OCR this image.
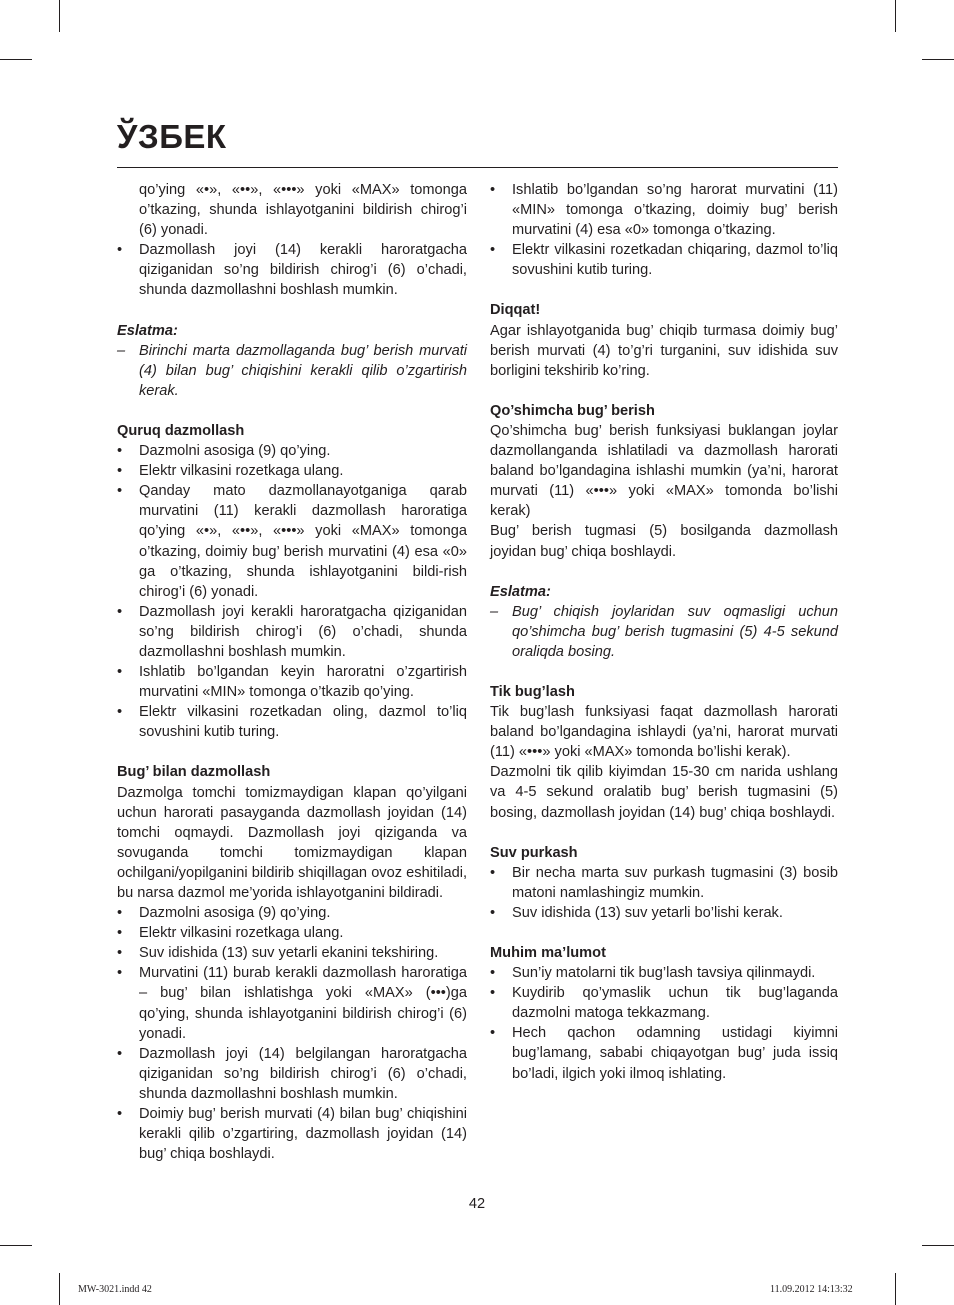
ЎЗБЕК

qo’ying «•», «••», «•••» yoki «MAX» tomonga o’tkazing, shunda ishlayotganini bildirish chirog’i (6) yonadi.

• Dazmollash joyi (14) kerakli haroratgacha qiziganidan so’ng bildirish chirog’i (6) o’chadi, shunda dazmollashni boshlash mumkin.

Eslatma:

– Birinchi marta dazmollaganda bug’ berish murvati (4) bilan bug’ chiqishini kerakli qilib o’zgartirish kerak.

Quruq dazmollash

• Dazmolni asosiga (9) qo’ying.
• Elektr vilkasini rozetkaga ulang.
• Qanday mato dazmollanayotganiga qarab murvatini (11) kerakli dazmollash haroratiga qo’ying «•», «••», «•••» yoki «MAX» tomonga o’tkazing, doimiy bug’ berish murvatini (4) esa «0» ga o’tkazing, shunda ishlayotganini bildi-rish chirog’i (6) yonadi.
• Dazmollash joyi kerakli haroratgacha qiziganidan so’ng bildirish chirog’i (6) o’chadi, shunda dazmollashni boshlash mumkin.
• Ishlatib bo’lgandan keyin haroratni o’zgartirish murvatini «MIN» tomonga o’tkazib qo’ying.
• Elektr vilkasini rozetkadan oling, dazmol to’liq sovushini kutib turing.

Bug’ bilan dazmollash

Dazmolga tomchi tomizmaydigan klapan qo’yilgani uchun harorati pasayganda dazmollash joyidan (14) tomchi oqmaydi. Dazmollash joyi qiziganda va sovuganda tomchi tomizmaydigan klapan ochilgani/yopilganini bildirib shiqillagan ovoz eshitiladi, bu narsa dazmol me’yorida ishlayotganini bildiradi.

• Dazmolni asosiga (9) qo’ying.
• Elektr vilkasini rozetkaga ulang.
• Suv idishida (13) suv yetarli ekanini tekshiring.
• Murvatini (11) burab kerakli dazmollash haroratiga – bug’ bilan ishlatishga yoki «MAX» (•••)ga qo’ying, shunda ishlayotganini bildirish chirog’i (6) yonadi.
• Dazmollash joyi (14) belgilangan haroratgacha qiziganidan so’ng bildirish chirog’i (6) o’chadi, shunda dazmollashni boshlash mumkin.
• Doimiy bug’ berish murvati (4) bilan bug’ chiqishini kerakli qilib o’zgartiring, dazmollash joyidan (14) bug’ chiqa boshlaydi.
• Ishlatib bo’lgandan so’ng harorat murvatini (11) «MIN» tomonga o’tkazing, doimiy bug’ berish murvatini (4) esa «0» tomonga o’tkazing.
• Elektr vilkasini rozetkadan chiqaring, dazmol to’liq sovushini kutib turing.

Diqqat!

Agar ishlayotganida bug’ chiqib turmasa doimiy bug’ berish murvati (4) to’g’ri turganini, suv idishida suv borligini tekshirib ko’ring.

Qo’shimcha bug’ berish

Qo’shimcha bug’ berish funksiyasi buklangan joylar dazmollanganda ishlatiladi va dazmollash harorati baland bo’lgandagina ishlashi mumkin (ya’ni, harorat murvati (11) «•••» yoki «MAX» tomonda bo’lishi kerak)

Bug’ berish tugmasi (5) bosilganda dazmollash joyidan bug’ chiqa boshlaydi.

Eslatma:

– Bug’ chiqish joylaridan suv oqmasligi uchun qo’shimcha bug’ berish tugmasini (5) 4-5 sekund oraliqda bosing.

Tik bug’lash

Tik bug’lash funksiyasi faqat dazmollash harorati baland bo’lgandagina ishlaydi (ya’ni, harorat murvati (11) «•••» yoki «MAX» tomonda bo’lishi kerak).

Dazmolni tik qilib kiyimdan 15-30 cm narida ushlang va 4-5 sekund oralatib bug’ berish tugmasini (5) bosing, dazmollash joyidan (14) bug’ chiqa boshlaydi.

Suv purkash

• Bir necha marta suv purkash tugmasini (3) bosib matoni namlashingiz mumkin.
• Suv idishida (13) suv yetarli bo’lishi kerak.

Muhim ma’lumot

• Sun’iy matolarni tik bug’lash tavsiya qilinmaydi.
• Kuydirib qo’ymaslik uchun tik bug’laganda dazmolni matoga tekkazmang.
• Hech qachon odamning ustidagi kiyimni bug’lamang, sababi chiqayotgan bug’ juda issiq bo’ladi, ilgich yoki ilmoq ishlating.
42
MW-3021.indd 42	11.09.2012 14:13:32
